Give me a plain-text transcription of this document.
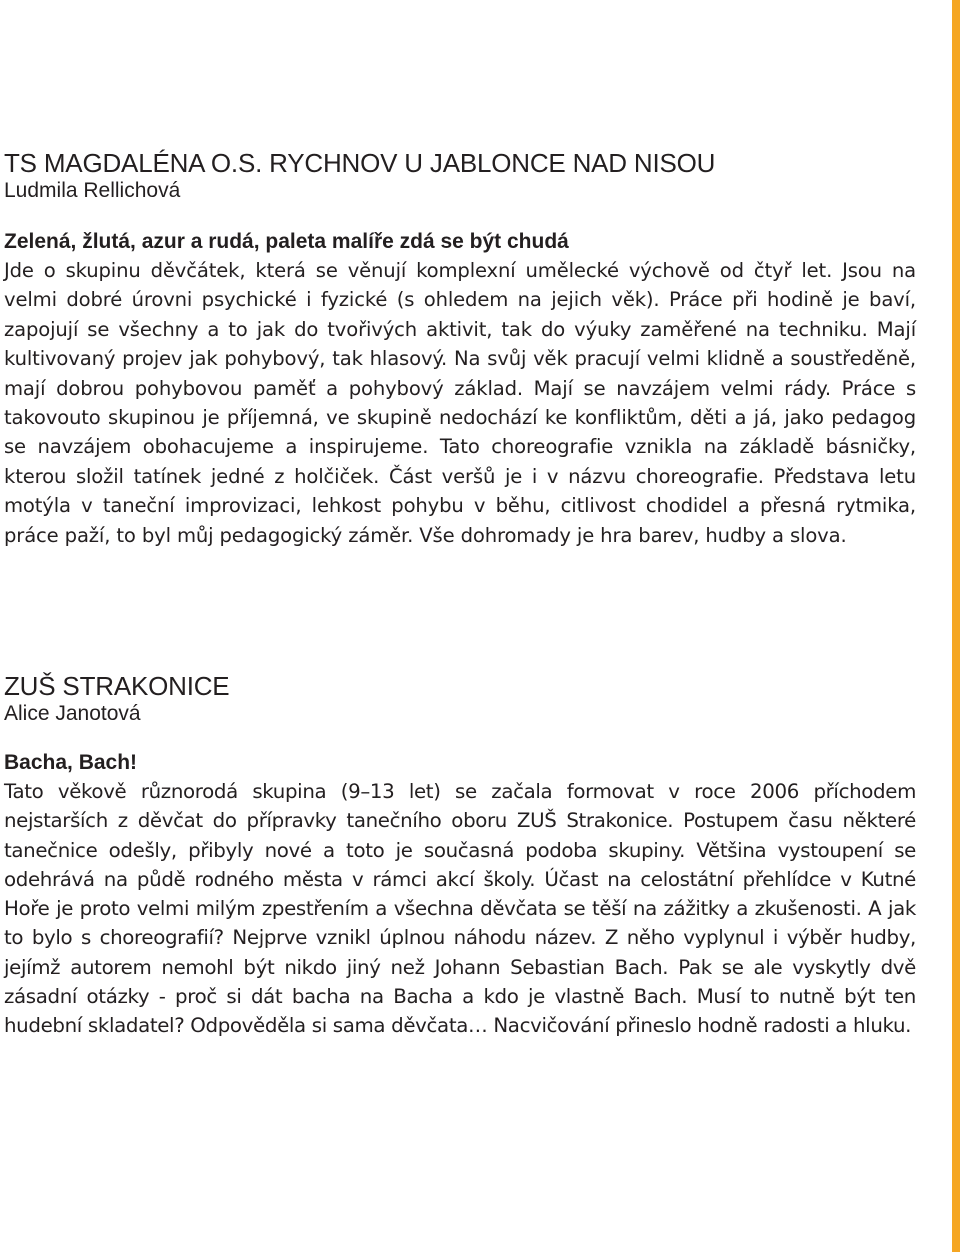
TS MAGDALÉNA O.S. RYCHNOV U JABLONCE NAD NISOU

Ludmila Rellichová

Zelená, žlutá, azur a rudá, paleta malíře zdá se být chudá

Jde o skupinu děvčátek, která se věnují komplexní umělecké výchově od čtyř let. Jsou na velmi dobré úrovni psychické i fyzické (s ohledem na jejich věk). Práce při hodině je baví, zapojují se všechny a to jak do tvořivých aktivit, tak do výuky zaměřené na techniku. Mají kultivovaný projev jak pohybový, tak hlasový. Na svůj věk pracují velmi klidně a soustředěně, mají dobrou pohybovou paměť a pohybový základ. Mají se navzájem velmi rády. Práce s takovouto skupinou je příjemná, ve skupině nedochází ke konfliktům, děti a já, jako pedagog se navzájem obohacujeme a inspirujeme. Tato choreografie vznikla na základě básničky, kterou složil tatínek jedné z holčiček. Část veršů je i v názvu choreografie. Představa letu motýla v taneční improvizaci, lehkost pohybu v běhu, citlivost chodidel a přesná rytmika, práce paží, to byl můj pedagogický záměr. Vše dohromady je hra barev, hudby a slova.

ZUŠ STRAKONICE

Alice Janotová

Bacha, Bach!

Tato věkově různorodá skupina (9–13 let) se začala formovat v roce 2006 příchodem nejstarších z děvčat do přípravky tanečního oboru ZUŠ Strakonice. Postupem času některé tanečnice odešly, přibyly nové a toto je současná podoba skupiny. Většina vystoupení se odehrává na půdě rodného města v rámci akcí školy. Účast na celostátní přehlídce v Kutné Hoře je proto velmi milým zpestřením a všechna děvčata se těší na zážitky a zkušenosti. A jak to bylo s choreografií? Nejprve vznikl úplnou náhodu název. Z něho vyplynul i výběr hudby, jejímž autorem nemohl být nikdo jiný než Johann Sebastian Bach. Pak se ale vyskytly dvě zásadní otázky - proč si dát bacha na Bacha a kdo je vlastně Bach. Musí to nutně být ten hudební skladatel? Odpověděla si sama děvčata… Nacvičování přineslo hodně radosti a hluku.
